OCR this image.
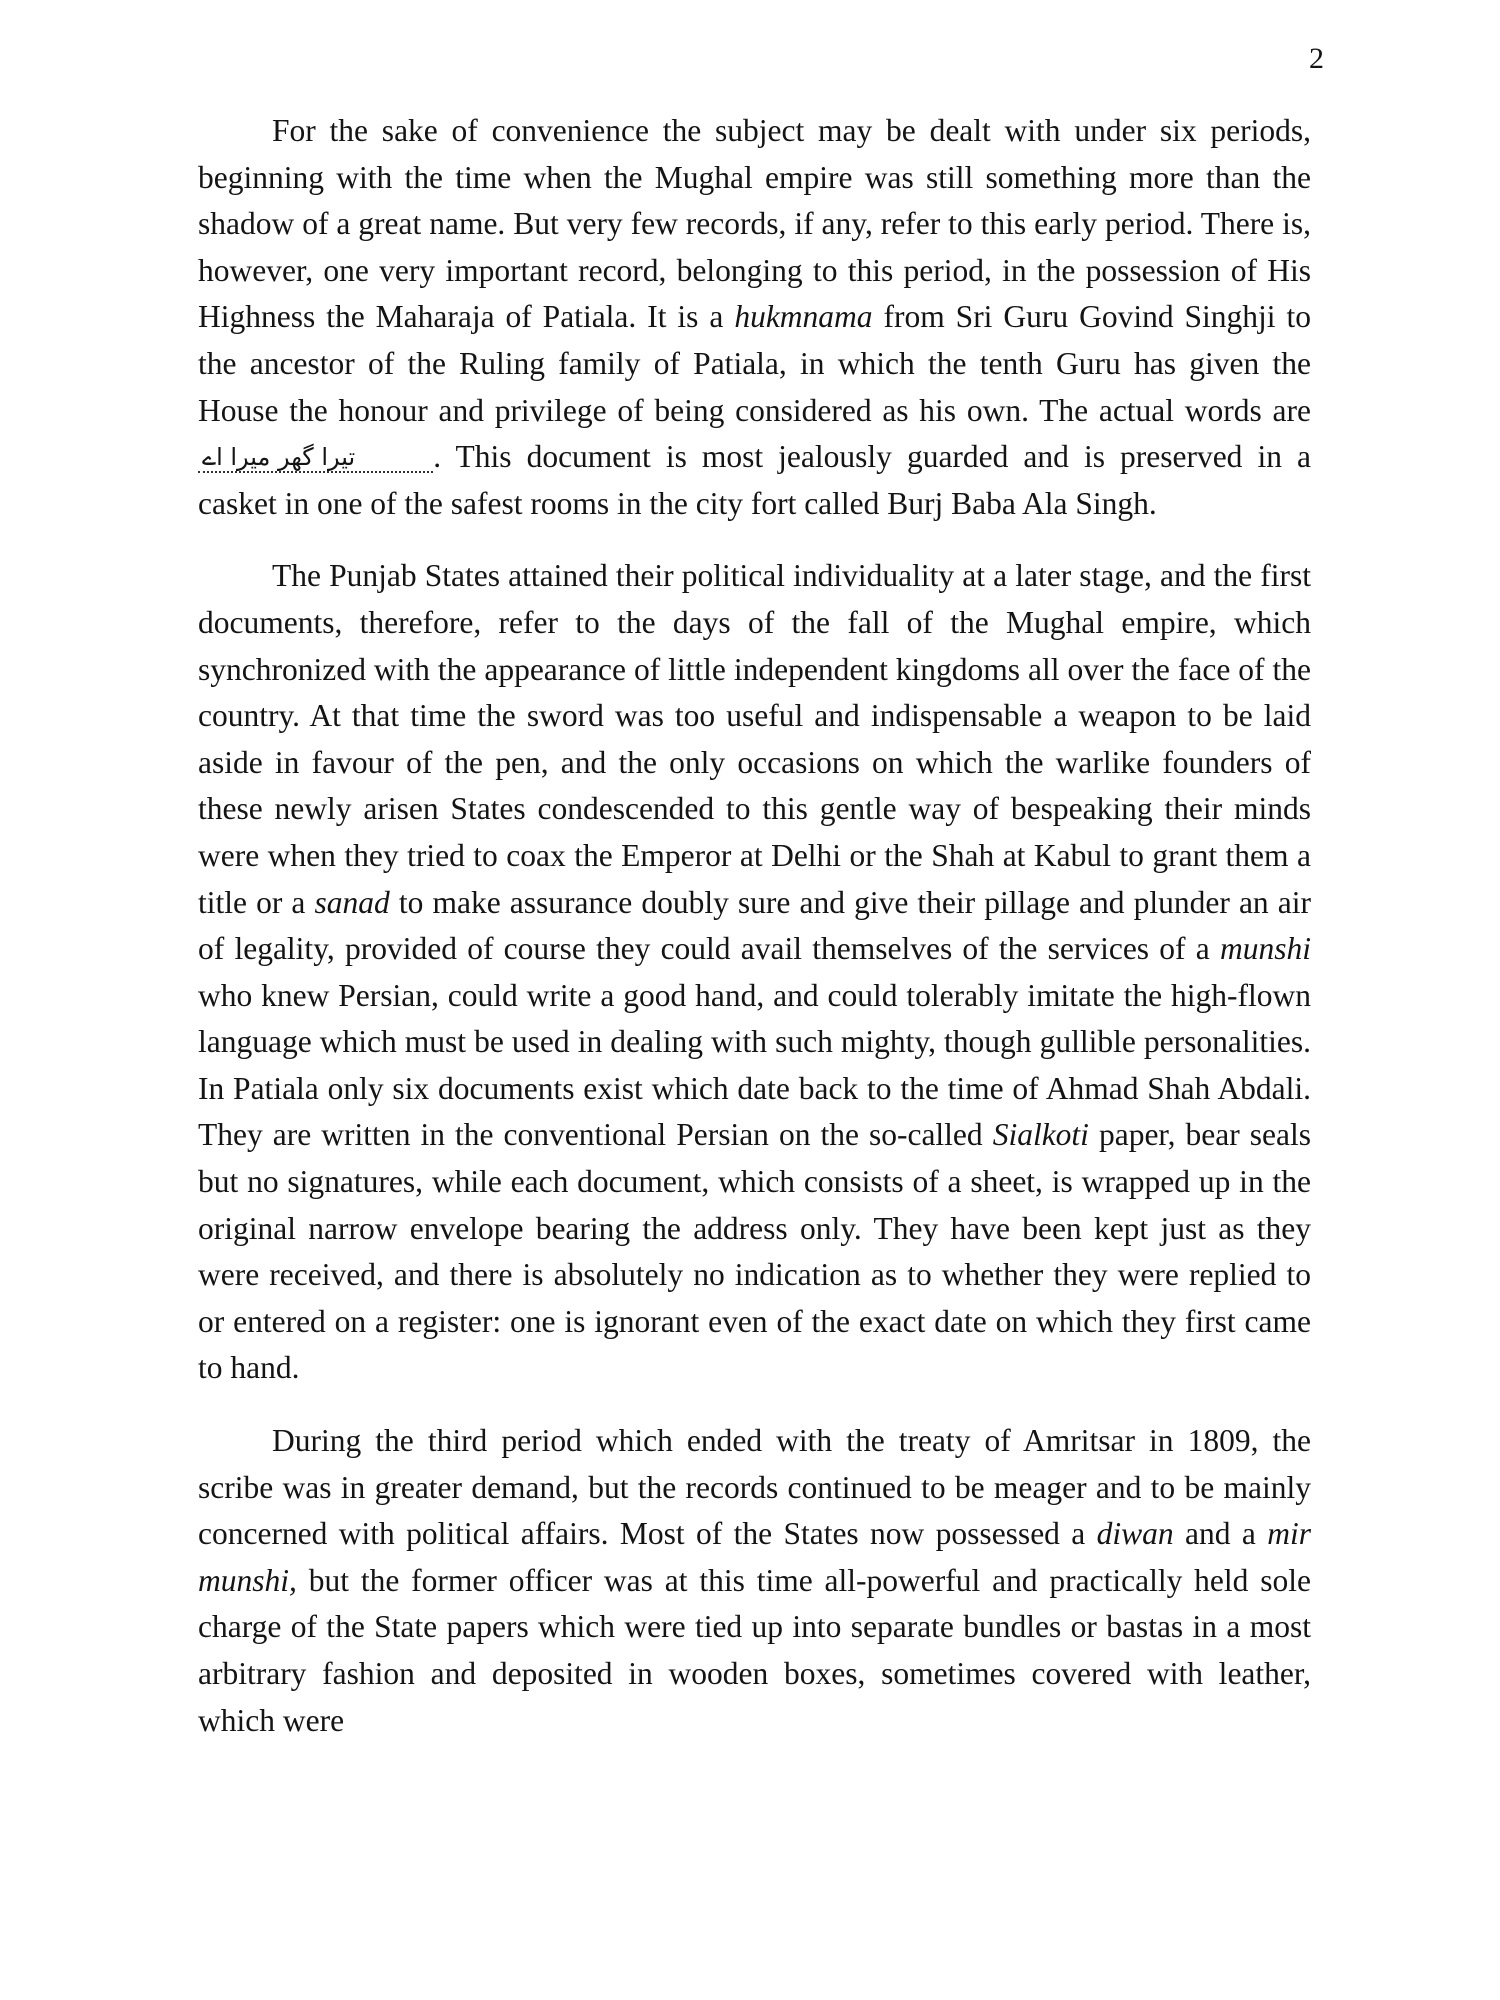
2

For the sake of convenience the subject may be dealt with under six periods, beginning with the time when the Mughal empire was still something more than the shadow of a great name. But very few records, if any, refer to this early period. There is, however, one very important record, belonging to this period, in the possession of His Highness the Maharaja of Patiala. It is a hukmnama from Sri Guru Govind Singhji to the ancestor of the Ruling family of Patiala, in which the tenth Guru has given the House the honour and privilege of being considered as his own. The actual words are تیرا گھر میرا اے . This document is most jealously guarded and is preserved in a casket in one of the safest rooms in the city fort called Burj Baba Ala Singh.

The Punjab States attained their political individuality at a later stage, and the first documents, therefore, refer to the days of the fall of the Mughal empire, which synchronized with the appearance of little independent kingdoms all over the face of the country. At that time the sword was too useful and indispensable a weapon to be laid aside in favour of the pen, and the only occasions on which the warlike founders of these newly arisen States condescended to this gentle way of bespeaking their minds were when they tried to coax the Emperor at Delhi or the Shah at Kabul to grant them a title or a sanad to make assurance doubly sure and give their pillage and plunder an air of legality, provided of course they could avail themselves of the services of a munshi who knew Persian, could write a good hand, and could tolerably imitate the high-flown language which must be used in dealing with such mighty, though gullible personalities. In Patiala only six documents exist which date back to the time of Ahmad Shah Abdali. They are written in the conventional Persian on the so-called Sialkoti paper, bear seals but no signatures, while each document, which consists of a sheet, is wrapped up in the original narrow envelope bearing the address only. They have been kept just as they were received, and there is absolutely no indication as to whether they were replied to or entered on a register: one is ignorant even of the exact date on which they first came to hand.

During the third period which ended with the treaty of Amritsar in 1809, the scribe was in greater demand, but the records continued to be meager and to be mainly concerned with political affairs. Most of the States now possessed a diwan and a mir munshi, but the former officer was at this time all-powerful and practically held sole charge of the State papers which were tied up into separate bundles or bastas in a most arbitrary fashion and deposited in wooden boxes, sometimes covered with leather, which were
